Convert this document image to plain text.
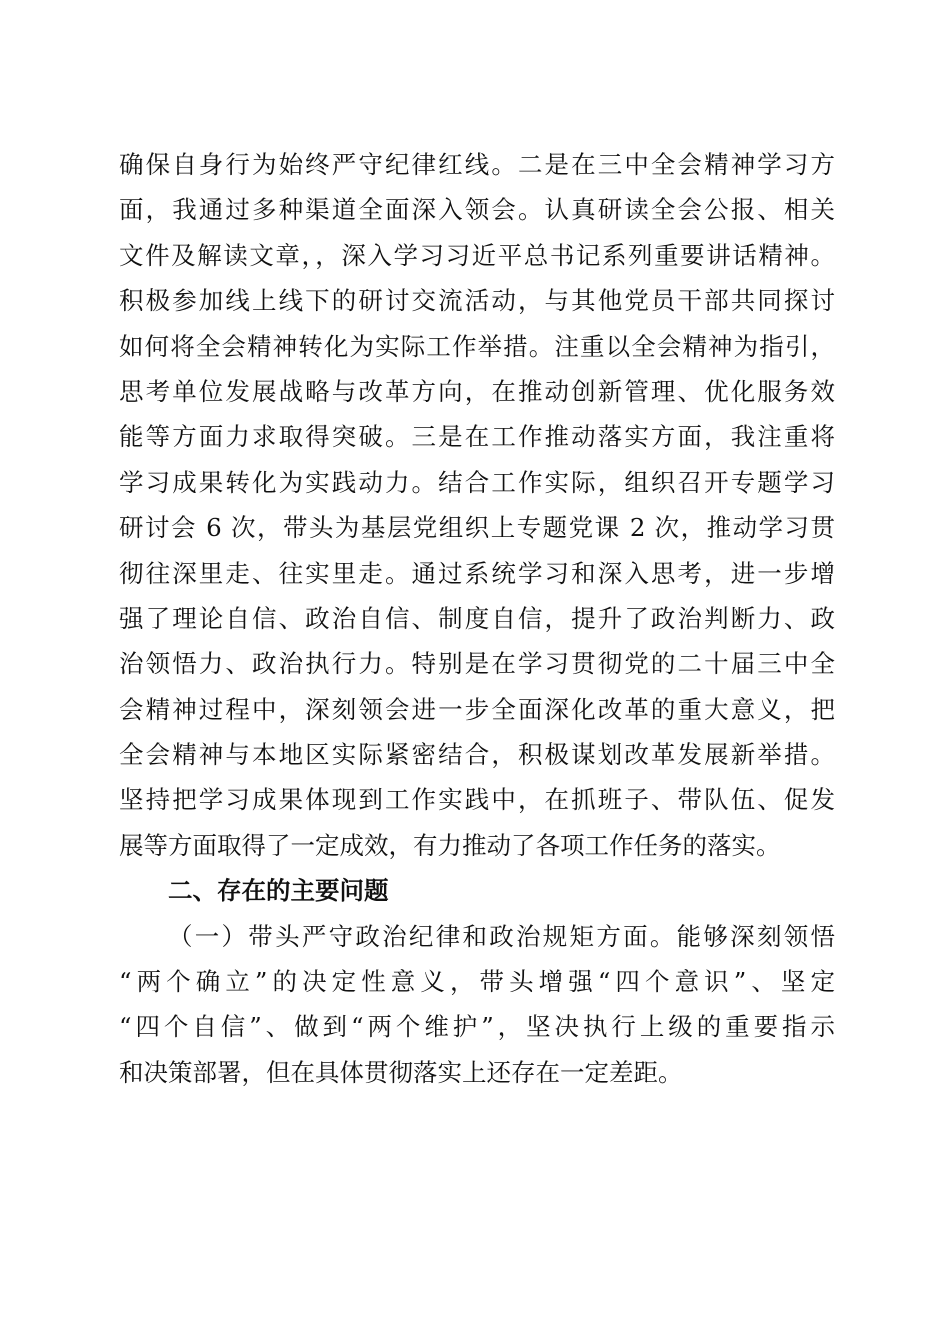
确保自身行为始终严守纪律红线。二是在三中全会精神学习方
面，我通过多种渠道全面深入领会。认真研读全会公报、相关
文件及解读文章，，深入学习习近平总书记系列重要讲话精神。
积极参加线上线下的研讨交流活动，与其他党员干部共同探讨
如何将全会精神转化为实际工作举措。注重以全会精神为指引，
思考单位发展战略与改革方向，在推动创新管理、优化服务效
能等方面力求取得突破。三是在工作推动落实方面，我注重将
学习成果转化为实践动力。结合工作实际，组织召开专题学习
研讨会 6 次，带头为基层党组织上专题党课 2 次，推动学习贯
彻往深里走、往实里走。通过系统学习和深入思考，进一步增
强了理论自信、政治自信、制度自信，提升了政治判断力、政
治领悟力、政治执行力。特别是在学习贯彻党的二十届三中全
会精神过程中，深刻领会进一步全面深化改革的重大意义，把
全会精神与本地区实际紧密结合，积极谋划改革发展新举措。
坚持把学习成果体现到工作实践中，在抓班子、带队伍、促发
展等方面取得了一定成效，有力推动了各项工作任务的落实。
二、存在的主要问题
（一）带头严守政治纪律和政治规矩方面。能够深刻领悟
“两个确立”的决定性意义，带头增强“四个意识”、坚定
“四个自信”、做到“两个维护”，坚决执行上级的重要指示
和决策部署，但在具体贯彻落实上还存在一定差距。
